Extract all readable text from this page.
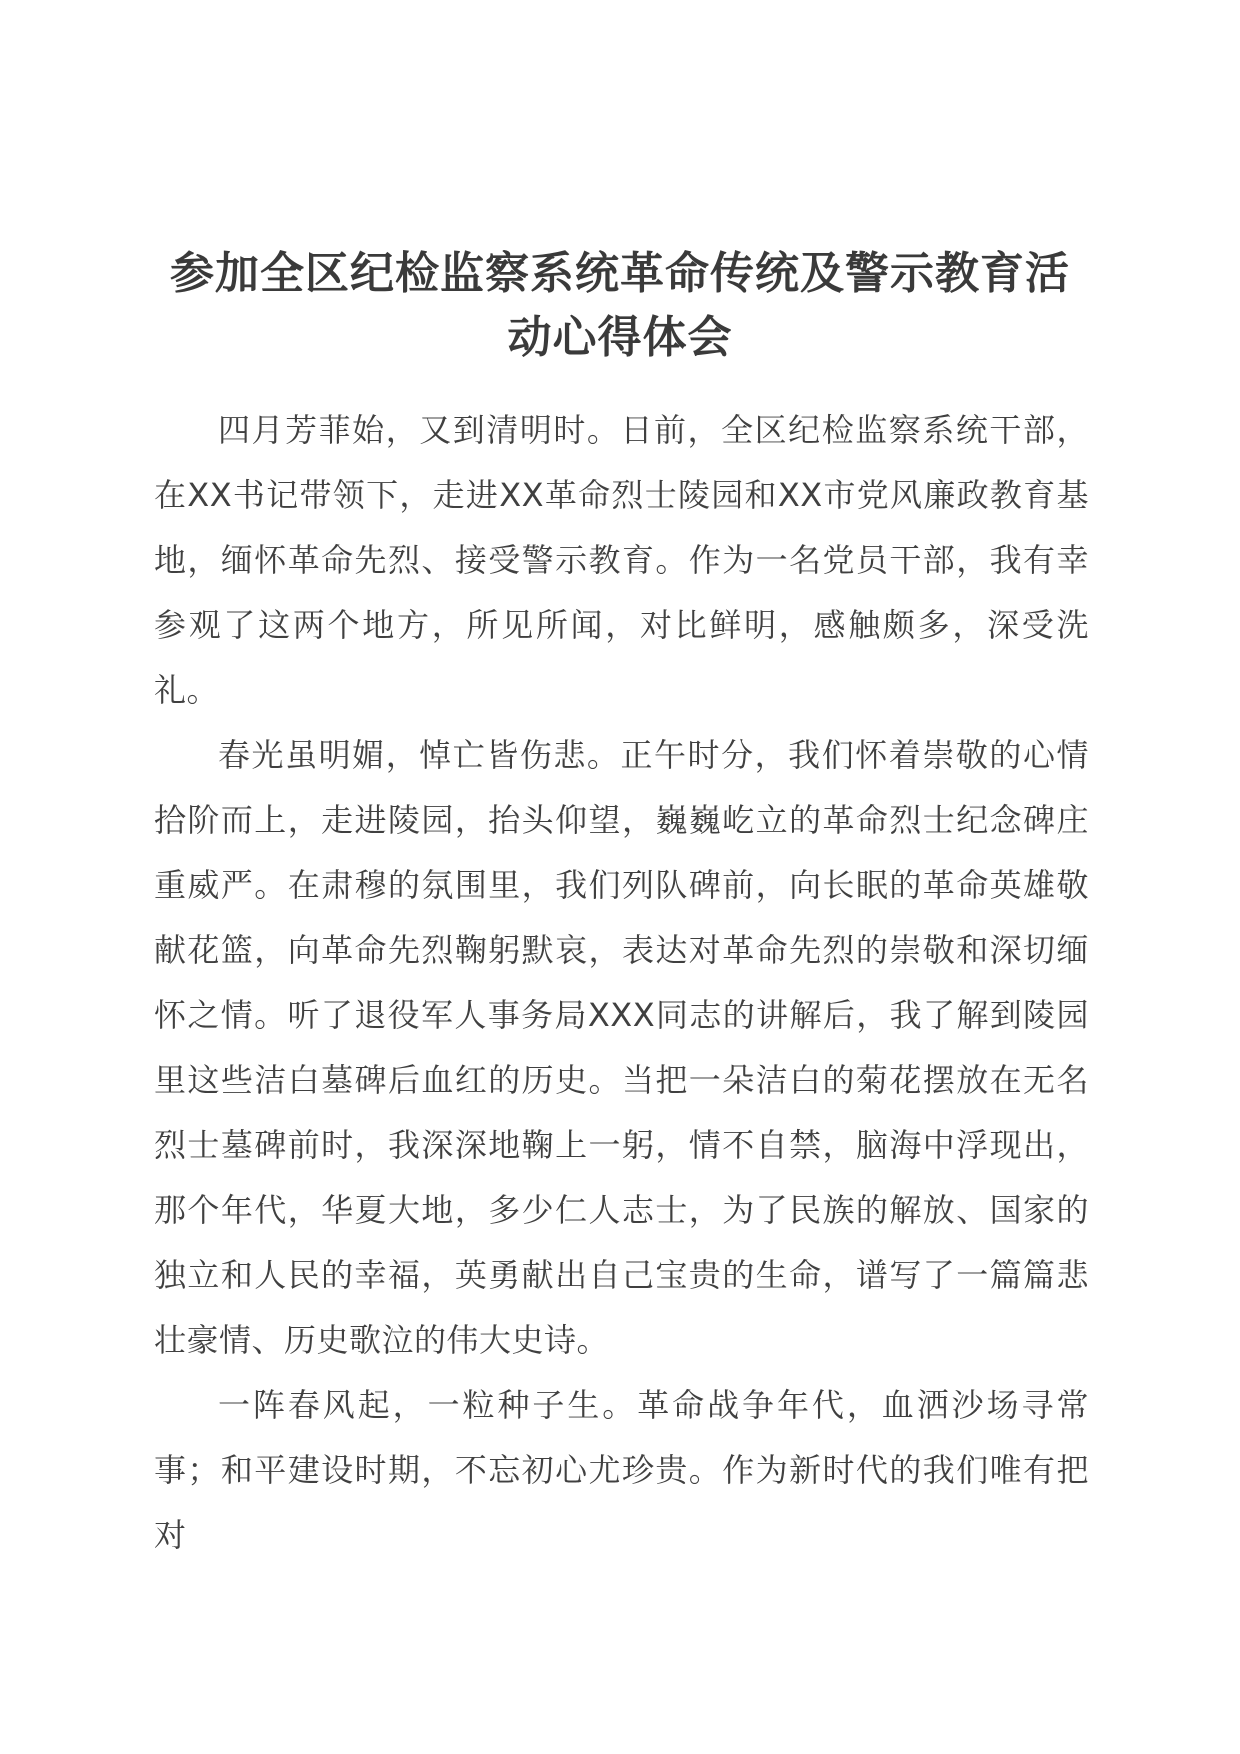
参加全区纪检监察系统革命传统及警示教育活动心得体会

四月芳菲始，又到清明时。日前，全区纪检监察系统干部，在XX书记带领下，走进XX革命烈士陵园和XX市党风廉政教育基地，缅怀革命先烈、接受警示教育。作为一名党员干部，我有幸参观了这两个地方，所见所闻，对比鲜明，感触颇多，深受洗礼。

春光虽明媚，悼亡皆伤悲。正午时分，我们怀着崇敬的心情拾阶而上，走进陵园，抬头仰望，巍巍屹立的革命烈士纪念碑庄重威严。在肃穆的氛围里，我们列队碑前，向长眠的革命英雄敬献花篮，向革命先烈鞠躬默哀，表达对革命先烈的崇敬和深切缅怀之情。听了退役军人事务局XXX同志的讲解后，我了解到陵园里这些洁白墓碑后血红的历史。当把一朵洁白的菊花摆放在无名烈士墓碑前时，我深深地鞠上一躬，情不自禁，脑海中浮现出，那个年代，华夏大地，多少仁人志士，为了民族的解放、国家的独立和人民的幸福，英勇献出自己宝贵的生命，谱写了一篇篇悲壮豪情、历史歌泣的伟大史诗。

一阵春风起，一粒种子生。革命战争年代，血洒沙场寻常事；和平建设时期，不忘初心尤珍贵。作为新时代的我们唯有把对
